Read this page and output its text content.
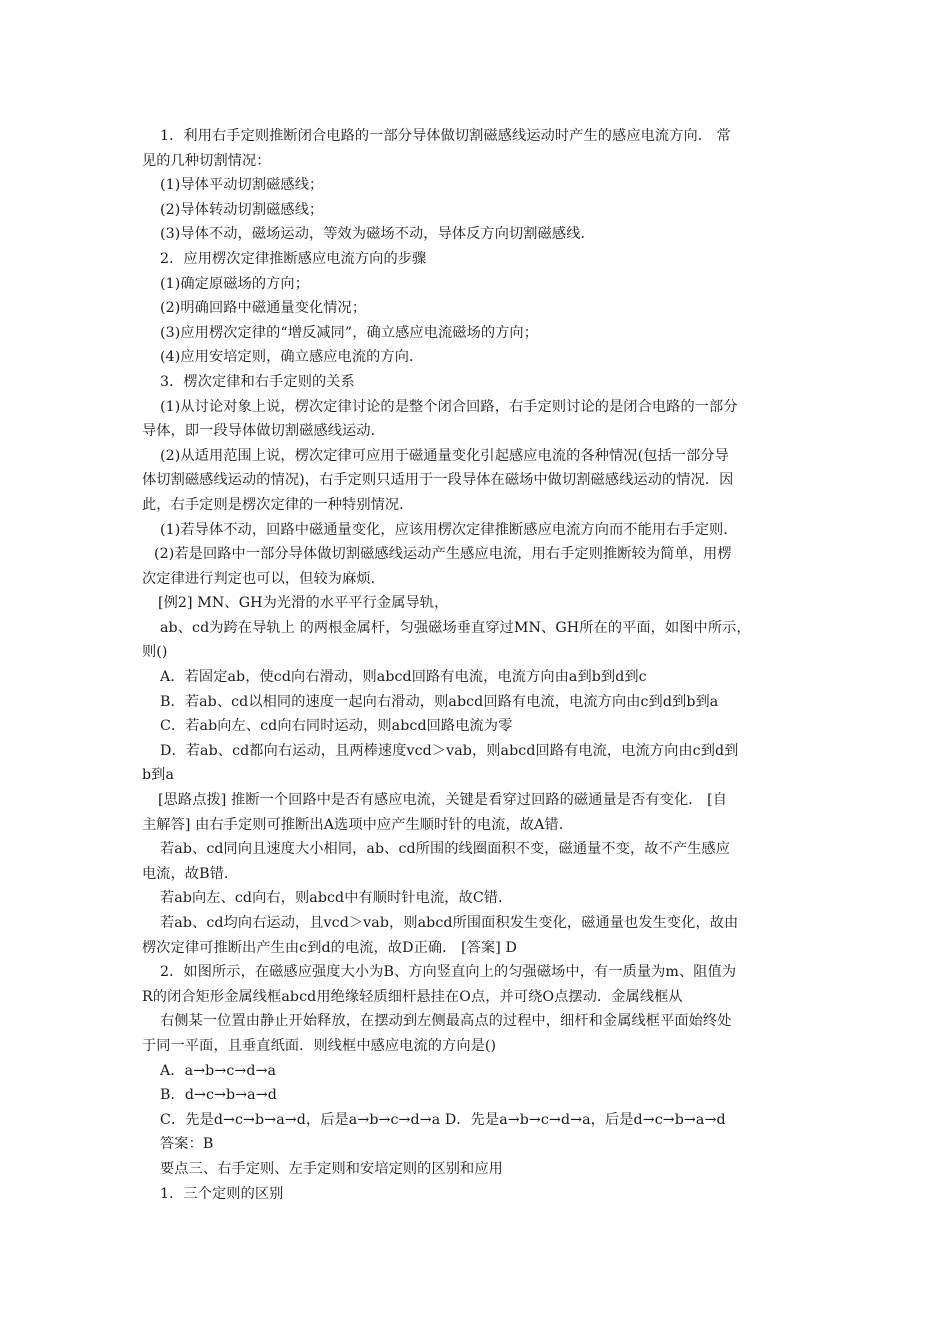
1．利用右手定则推断闭合电路的一部分导体做切割磁感线运动时产生的感应电流方向． 常
见的几种切割情况：
(1)导体平动切割磁感线；
(2)导体转动切割磁感线；
(3)导体不动，磁场运动，等效为磁场不动，导体反方向切割磁感线．
2．应用楞次定律推断感应电流方向的步骤
(1)确定原磁场的方向；
(2)明确回路中磁通量变化情况；
(3)应用楞次定律的“增反减同”，确立感应电流磁场的方向；
(4)应用安培定则，确立感应电流的方向．
3．楞次定律和右手定则的关系
(1)从讨论对象上说，楞次定律讨论的是整个闭合回路，右手定则讨论的是闭合电路的一部分
导体，即一段导体做切割磁感线运动．
(2)从适用范围上说，楞次定律可应用于磁通量变化引起感应电流的各种情况(包括一部分导
体切割磁感线运动的情况)，右手定则只适用于一段导体在磁场中做切割磁感线运动的情况．因
此，右手定则是楞次定律的一种特别情况．
(1)若导体不动，回路中磁通量变化，应该用楞次定律推断感应电流方向而不能用右手定则．
(2)若是回路中一部分导体做切割磁感线运动产生感应电流，用右手定则推断较为简单，用楞
次定律进行判定也可以，但较为麻烦．
[例2] MN、GH为光滑的水平平行金属导轨，
ab、cd为跨在导轨上 的两根金属杆，匀强磁场垂直穿过MN、GH所在的平面，如图中所示，
则()
A．若固定ab，使cd向右滑动，则abcd回路有电流，电流方向由a到b到d到c
B．若ab、cd以相同的速度一起向右滑动，则abcd回路有电流，电流方向由c到d到b到a
C．若ab向左、cd向右同时运动，则abcd回路电流为零
D．若ab、cd都向右运动，且两棒速度vcd＞vab，则abcd回路有电流，电流方向由c到d到
b到a
[思路点拨] 推断一个回路中是否有感应电流，关键是看穿过回路的磁通量是否有变化． [自
主解答] 由右手定则可推断出A选项中应产生顺时针的电流，故A错．
若ab、cd同向且速度大小相同，ab、cd所围的线圈面积不变，磁通量不变，故不产生感应
电流，故B错．
若ab向左、cd向右，则abcd中有顺时针电流，故C错．
若ab、cd均向右运动，且vcd＞vab，则abcd所围面积发生变化，磁通量也发生变化，故由
楞次定律可推断出产生由c到d的电流，故D正确． [答案] D
2．如图所示，在磁感应强度大小为B、方向竖直向上的匀强磁场中，有一质量为m、阻值为
R的闭合矩形金属线框abcd用绝缘轻质细杆悬挂在O点，并可绕O点摆动．金属线框从
右侧某一位置由静止开始释放，在摆动到左侧最高点的过程中，细杆和金属线框平面始终处
于同一平面，且垂直纸面．则线框中感应电流的方向是()
A．a→b→c→d→a
B．d→c→b→a→d
C．先是d→c→b→a→d，后是a→b→c→d→a D．先是a→b→c→d→a，后是d→c→b→a→d
答案：B
要点三、右手定则、左手定则和安培定则的区别和应用
1．三个定则的区别
